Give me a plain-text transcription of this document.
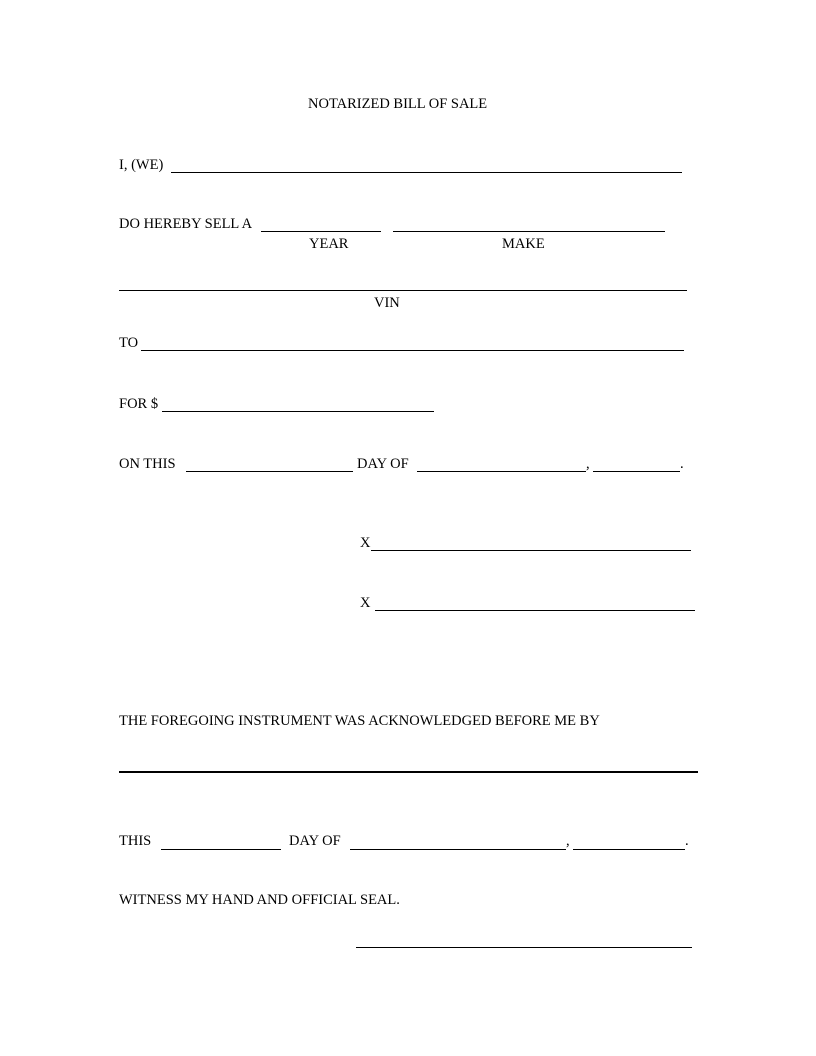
NOTARIZED BILL OF SALE
I, (WE)
DO HEREBY SELL A
YEAR	MAKE
VIN
TO
FOR $
ON THIS	DAY OF	,	.
X
X
THE FOREGOING INSTRUMENT WAS ACKNOWLEDGED BEFORE ME BY
THIS	DAY OF	,	.
WITNESS MY HAND AND OFFICIAL SEAL.
